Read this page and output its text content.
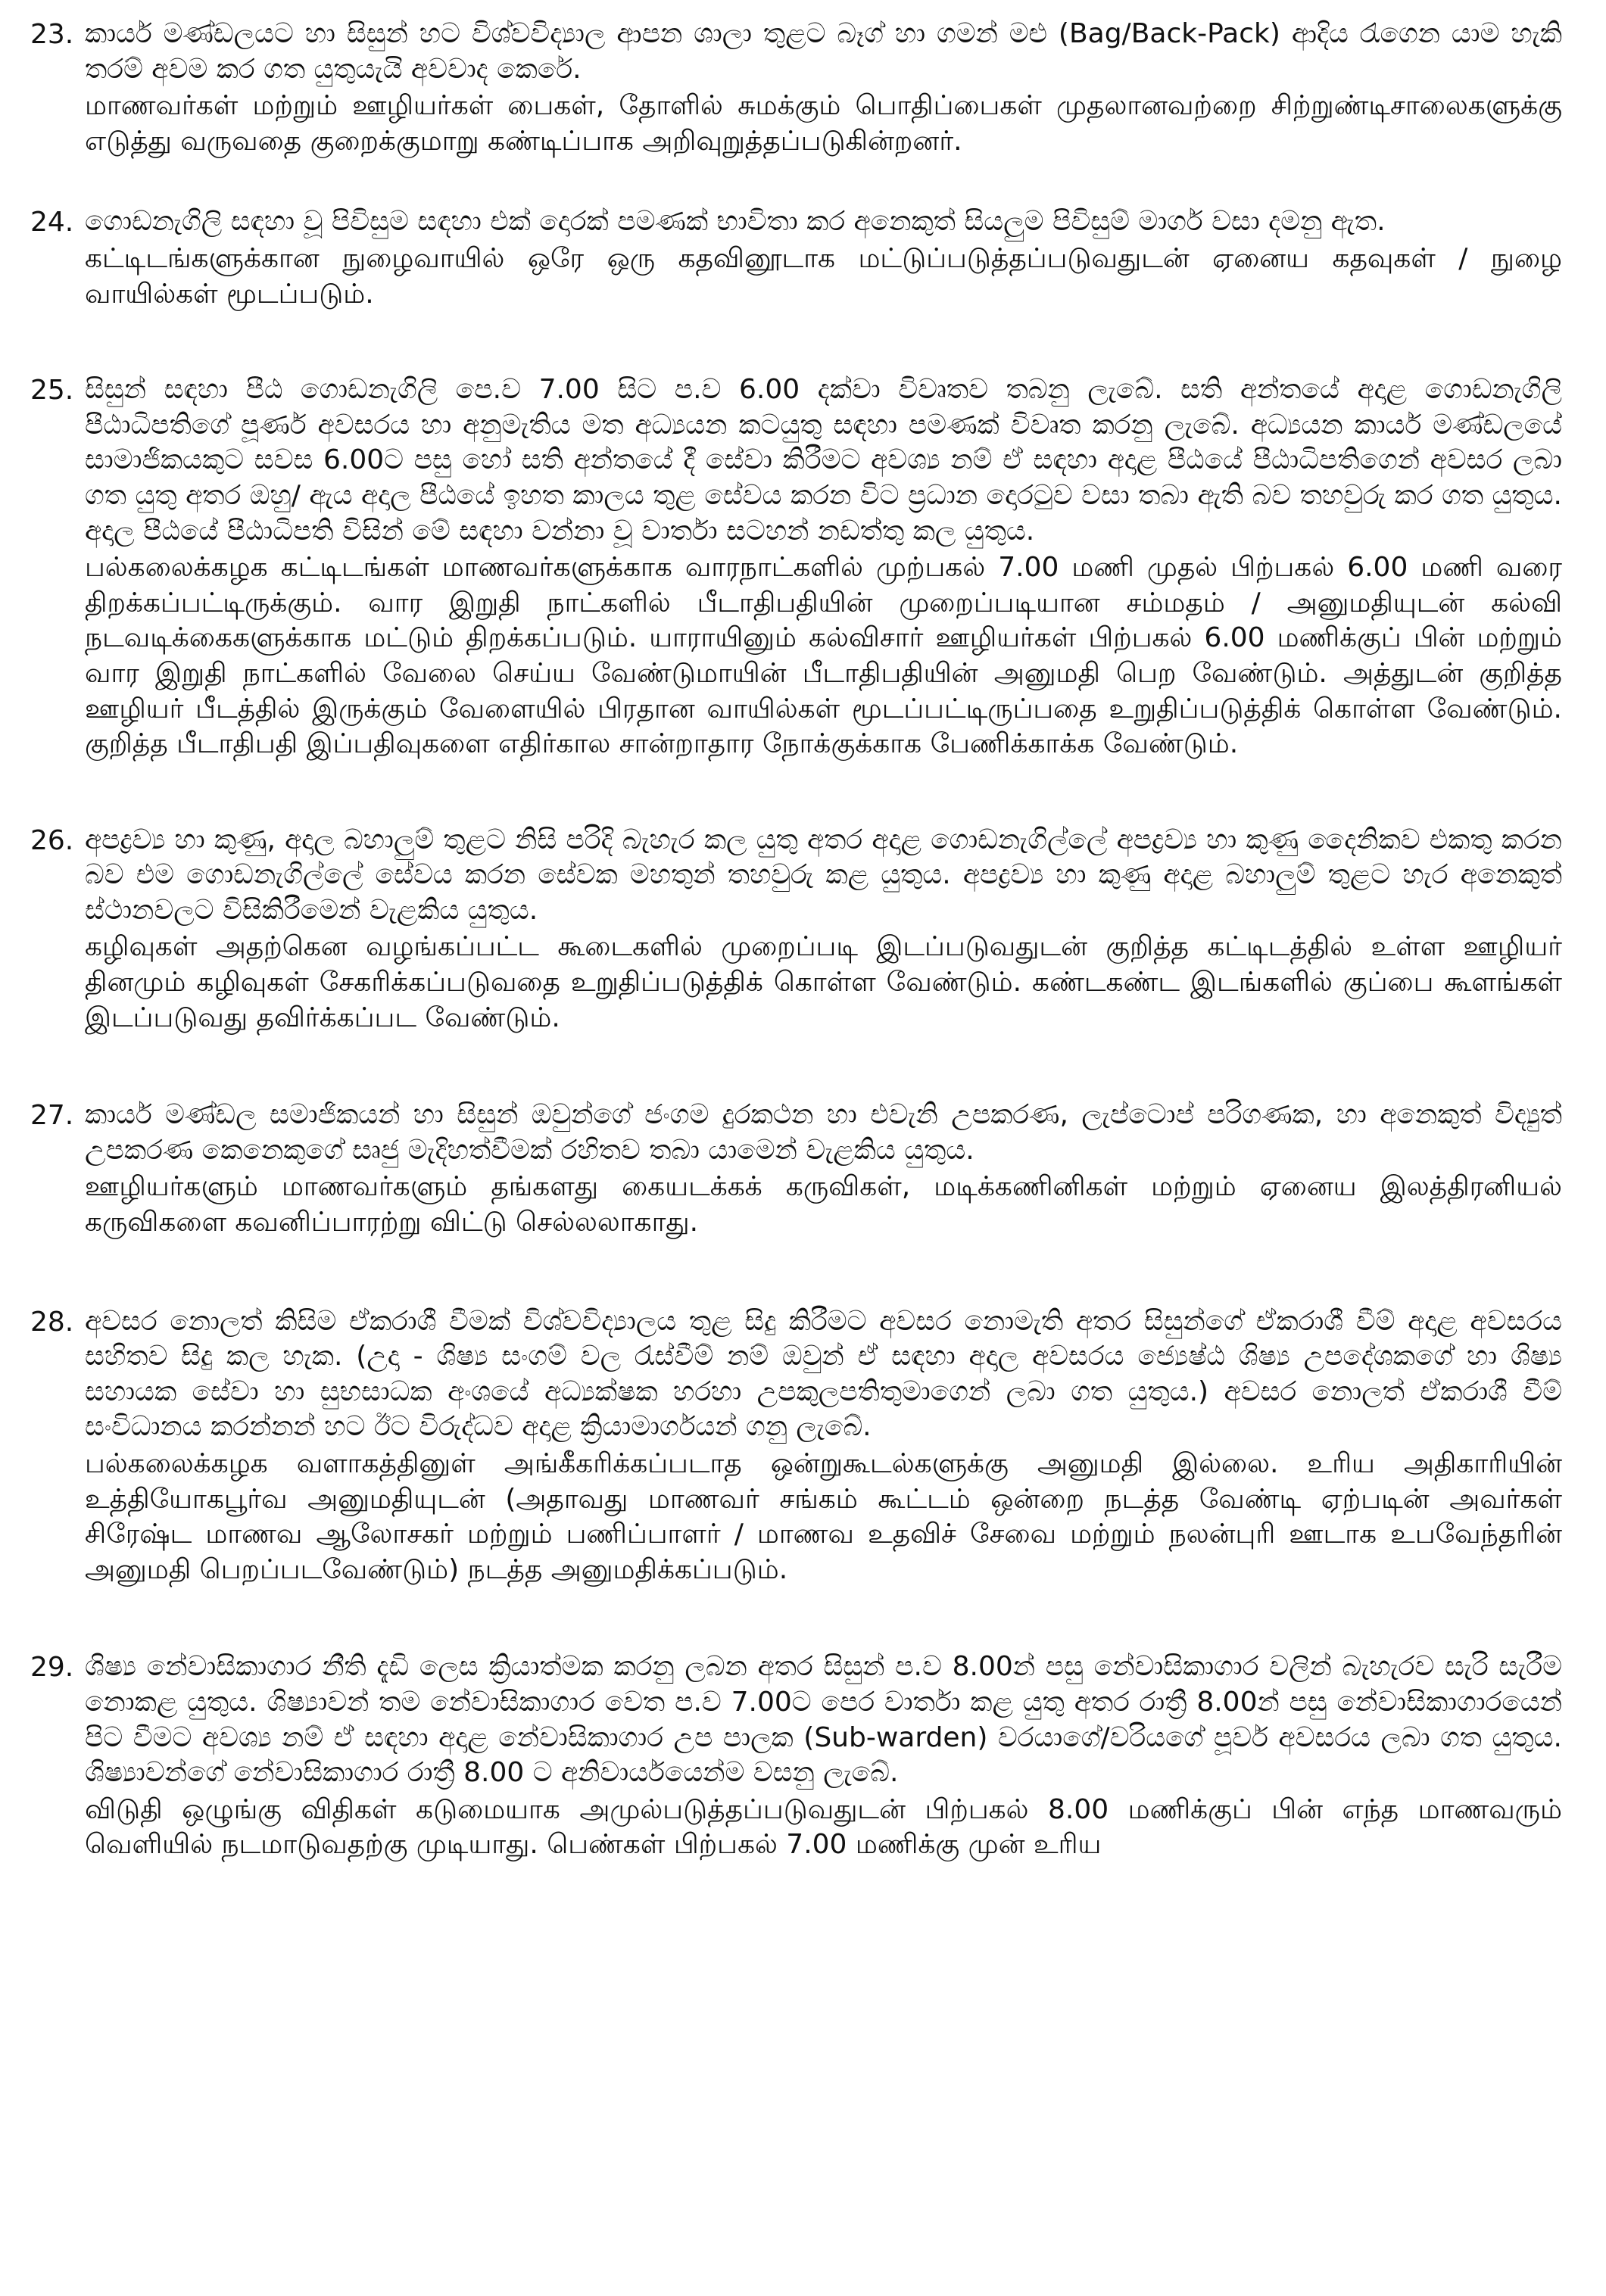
23. කාර්ය මණ්ඩලයට හා සිසුන් හට විශ්වවිද්‍යාල ආපන ශාලා තුළට බෑග් හා ගමන් මළු (Bag/Back-Pack) ආදිය රැගෙන යාම හැකි තරම් අවම කර ගත යුතුයැයි අවවාද කෙරේ.

மாணவர்கள் மற்றும் ஊழியர்கள் பைகள், தோளில் சுமக்கும் பொதிப்பைகள் முதலானவற்றை சிற்றுண்டிசாலைகளுக்கு எடுத்து வருவதை குறைக்குமாறு கண்டிப்பாக அறிவுறுத்தப்படுகின்றனர்.

24. ගොඩනැගිලි සඳහා වූ පිවිසුම සඳහා එක් දොරක් පමණක් භාවිතා කර අනෙකුත් සියලුම පිවිසුම් මාර්ග වසා දමනු ඇත.

கட்டிடங்களுக்கான நுழைவாயில் ஒரே ஒரு கதவினூடாக மட்டுப்படுத்தப்படுவதுடன் ஏனைய கதவுகள் / நுழை வாயில்கள் மூடப்படும்.

25. සිසුන් සඳහා පීඨ ගොඩනැගිලි පෙ.ව 7.00 සිට ප.ව 6.00 දක්වා විවෘතව තබනු ලැබේ. සති අන්තයේ අදාළ ගොඩනැගිලි පීඨාධිපතිගේ පූර්ණ අවසරය හා අනුමැතිය මත අධ්‍යයන කටයුතු සඳහා පමණක් විවෘත කරනු ලැබේ. අධ්‍යයන කාර්ය මණ්ඩලයේ සාමාජිකයකුට සවස 6.00ට පසු හෝ සති අන්තයේ දී සේවා කිරීමට අවශ්‍ය නම් ඒ සඳහා අදාළ පීඨයේ පීඨාධිපතිගෙන් අවසර ලබා ගත යුතු අතර ඔහු/ ඇය අදාල පීඨයේ ඉහත කාලය තුළ සේවය කරන විට ප්‍රධාන දොරටුව වසා තබා ඇති බව තහවුරු කර ගත යුතුය. අදාල පීඨයේ පීඨාධිපති විසින් මේ සඳහා වන්නා වූ වාර්තා සටහන් නඩත්තු කල යුතුය.

பல்கலைக்கழக கட்டிடங்கள் மாணவர்களுக்காக வாரநாட்களில் முற்பகல் 7.00 மணி முதல் பிற்பகல் 6.00 மணி வரை திறக்கப்பட்டிருக்கும். வார இறுதி நாட்களில் பீடாதிபதியின் முறைப்படியான சம்மதம் / அனுமதியுடன் கல்வி நடவடிக்கைகளுக்காக மட்டும் திறக்கப்படும். யாராயினும் கல்விசார் ஊழியர்கள் பிற்பகல் 6.00 மணிக்குப் பின் மற்றும் வார இறுதி நாட்களில் வேலை செய்ய வேண்டுமாயின் பீடாதிபதியின் அனுமதி பெற வேண்டும். அத்துடன் குறித்த ஊழியர் பீடத்தில் இருக்கும் வேளையில் பிரதான வாயில்கள் மூடப்பட்டிருப்பதை உறுதிப்படுத்திக் கொள்ள வேண்டும். குறித்த பீடாதிபதி இப்பதிவுகளை எதிர்கால சான்றாதார நோக்குக்காக பேணிக்காக்க வேண்டும்.

26. අපද්‍රව්‍ය හා කුණු, අදාල බහාලුම් තුළට නිසි පරිදි බැහැර කල යුතු අතර අදාළ ගොඩනැගිල්ලේ අපද්‍රව්‍ය හා කුණු දෛනිකව එකතු කරන බව එම ගොඩනැගිල්ලේ සේවය කරන සේවක මහතුන් තහවුරු කළ යුතුය. අපද්‍රව්‍ය හා කුණු අදාළ බහාලුම් තුළට හැර අනෙකුත් ස්ථානවලට විසිකිරීමෙන් වැළකිය යුතුය.

கழிவுகள் அதற்கென வழங்கப்பட்ட கூடைகளில் முறைப்படி இடப்படுவதுடன் குறித்த கட்டிடத்தில் உள்ள ஊழியர் தினமும் கழிவுகள் சேகரிக்கப்படுவதை உறுதிப்படுத்திக் கொள்ள வேண்டும். கண்டகண்ட இடங்களில் குப்பை கூளங்கள் இடப்படுவது தவிர்க்கப்பட வேண்டும்.

27. කාර්ය මණ්ඩල සමාජිකයන් හා සිසුන් ඔවුන්ගේ ජංගම දුරකථන හා එවැනි උපකරණ, ලැප්ටොප් පරිගණක, හා අනෙකුත් විද්‍යුත් උපකරණ කෙනෙකුගේ සෘජු මැදිහත්වීමක් රහිතව තබා යාමෙන් වැළකිය යුතුය.

ஊழியர்களும் மாணவர்களும் தங்களது கையடக்கக் கருவிகள், மடிக்கணினிகள் மற்றும் ஏனைய இலத்திரனியல் கருவிகளை கவனிப்பாரற்று விட்டு செல்லலாகாது.

28. අවසර නොලත් කිසිම ඒකරාශී වීමක් විශ්වවිද්‍යාලය තුළ සිදු කිරීමට අවසර නොමැති අතර සිසුන්ගේ ඒකරාශී වීම් අදාළ අවසරය සහිතව සිදු කල හැක. (උදා - ශිෂ්‍ය සංගම් වල රැස්වීම් නම් ඔවුන් ඒ සඳහා අදාල අවසරය ජ්‍යෙෂ්ඨ ශිෂ්‍ය උපදේශකගේ හා ශිෂ්‍ය සහායක සේවා හා සුභසාධක අංශයේ අධ්‍යක්ෂක හරහා උපකුලපතිතුමාගෙන් ලබා ගත යුතුය.) අවසර නොලත් ඒකරාශී වීම් සංවිධානය කරන්නන් හට ඊට විරුද්ධව අදාළ ක්‍රියාමාර්ගයන් ගනු ලැබේ.

பல்கலைக்கழக வளாகத்தினுள் அங்கீகரிக்கப்படாத ஒன்றுகூடல்களுக்கு அனுமதி இல்லை. உரிய அதிகாரியின் உத்தியோகபூர்வ அனுமதியுடன் (அதாவது மாணவர் சங்கம் கூட்டம் ஒன்றை நடத்த வேண்டி ஏற்படின் அவர்கள் சிரேஷ்ட மாணவ ஆலோசகர் மற்றும் பணிப்பாளர் / மாணவ உதவிச் சேவை மற்றும் நலன்புரி ஊடாக உபவேந்தரின் அனுமதி பெறப்படவேண்டும்) நடத்த அனுமதிக்கப்படும்.

29. ශිෂ්‍ය නේවාසිකාගාර නීති දැඩි ලෙස ක්‍රියාත්මක කරනු ලබන අතර සිසුන් ප.ව 8.00න් පසු නේවාසිකාගාර වලින් බැහැරව සැරි සැරීම නොකළ යුතුය. ශිෂ්‍යාවන් තම නේවාසිකාගාර වෙත ප.ව 7.00ට පෙර වාර්තා කළ යුතු අතර රාත්‍රී 8.00න් පසු නේවාසිකාගාරයෙන් පිට වීමට අවශ්‍ය නම් ඒ සඳහා අදාළ නේවාසිකාගාර උප පාලක (Sub-warden) වරයාගේ/වරියගේ පූර්ව අවසරය ලබා ගත යුතුය. ශිෂ්‍යාවන්ගේ නේවාසිකාගාර රාත්‍රී 8.00 ට අනිවාර්යයෙන්ම වසනු ලැබේ.

விடுதி ஒழுங்கு விதிகள் கடுமையாக அமுல்படுத்தப்படுவதுடன் பிற்பகல் 8.00 மணிக்குப் பின் எந்த மாணவரும் வெளியில் நடமாடுவதற்கு முடியாது. பெண்கள் பிற்பகல் 7.00 மணிக்கு முன் உரிய
